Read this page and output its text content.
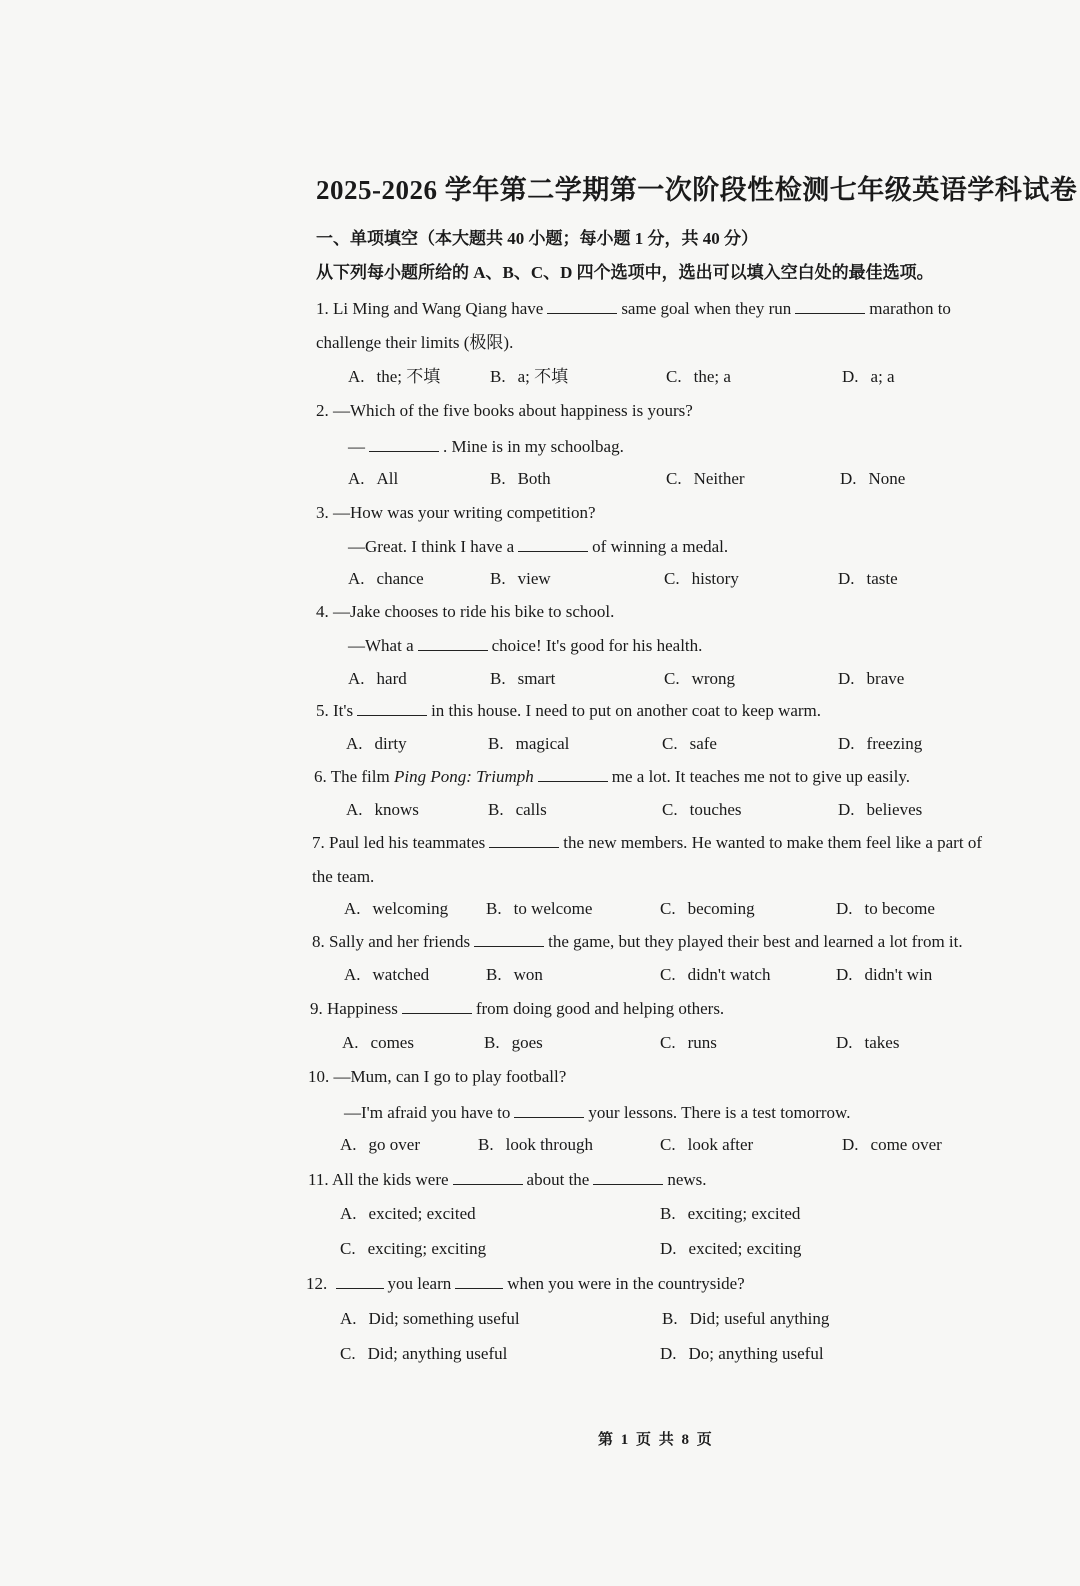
2025-2026 学年第二学期第一次阶段性检测七年级英语学科试卷
一、单项填空（本大题共 40 小题；每小题 1 分，共 40 分）
从下列每小题所给的 A、B、C、D 四个选项中，选出可以填入空白处的最佳选项。
1. Li Ming and Wang Qiang have	same goal when they run	marathon to
challenge their limits (极限).
A. the; 不填	B. a; 不填	C. the; a	D. a; a
2. —Which of the five books about happiness is yours?
—	. Mine is in my schoolbag.
A. All	B. Both	C. Neither	D. None
3. —How was your writing competition?
—Great. I think I have a	of winning a medal.
A. chance	B. view	C. history	D. taste
4. —Jake chooses to ride his bike to school.
—What a	choice! It's good for his health.
A. hard	B. smart	C. wrong	D. brave
5. It's	in this house. I need to put on another coat to keep warm.
A. dirty	B. magical	C. safe	D. freezing
6. The film Ping Pong: Triumph	me a lot. It teaches me not to give up easily.
A. knows	B. calls	C. touches	D. believes
7. Paul led his teammates	the new members. He wanted to make them feel like a part of
the team.
A. welcoming B. to welcome	C. becoming	D. to become
8. Sally and her friends	the game, but they played their best and learned a lot from it.
A. watched	B. won	C. didn't watch	D. didn't win
9. Happiness	from doing good and helping others.
A. comes	B. goes	C. runs	D. takes
10. —Mum, can I go to play football?
—I'm afraid you have to	your lessons. There is a test tomorrow.
A. go over	B. look through	C. look after	D. come over
11. All the kids were	about the	news.
A. excited; excited	B. exciting; excited
C. exciting; exciting	D. excited; exciting
12.	you learn	when you were in the countryside?
A. Did; something useful	B. Did; useful anything
C. Did; anything useful	D. Do; anything useful
第 1 页 共 8 页
